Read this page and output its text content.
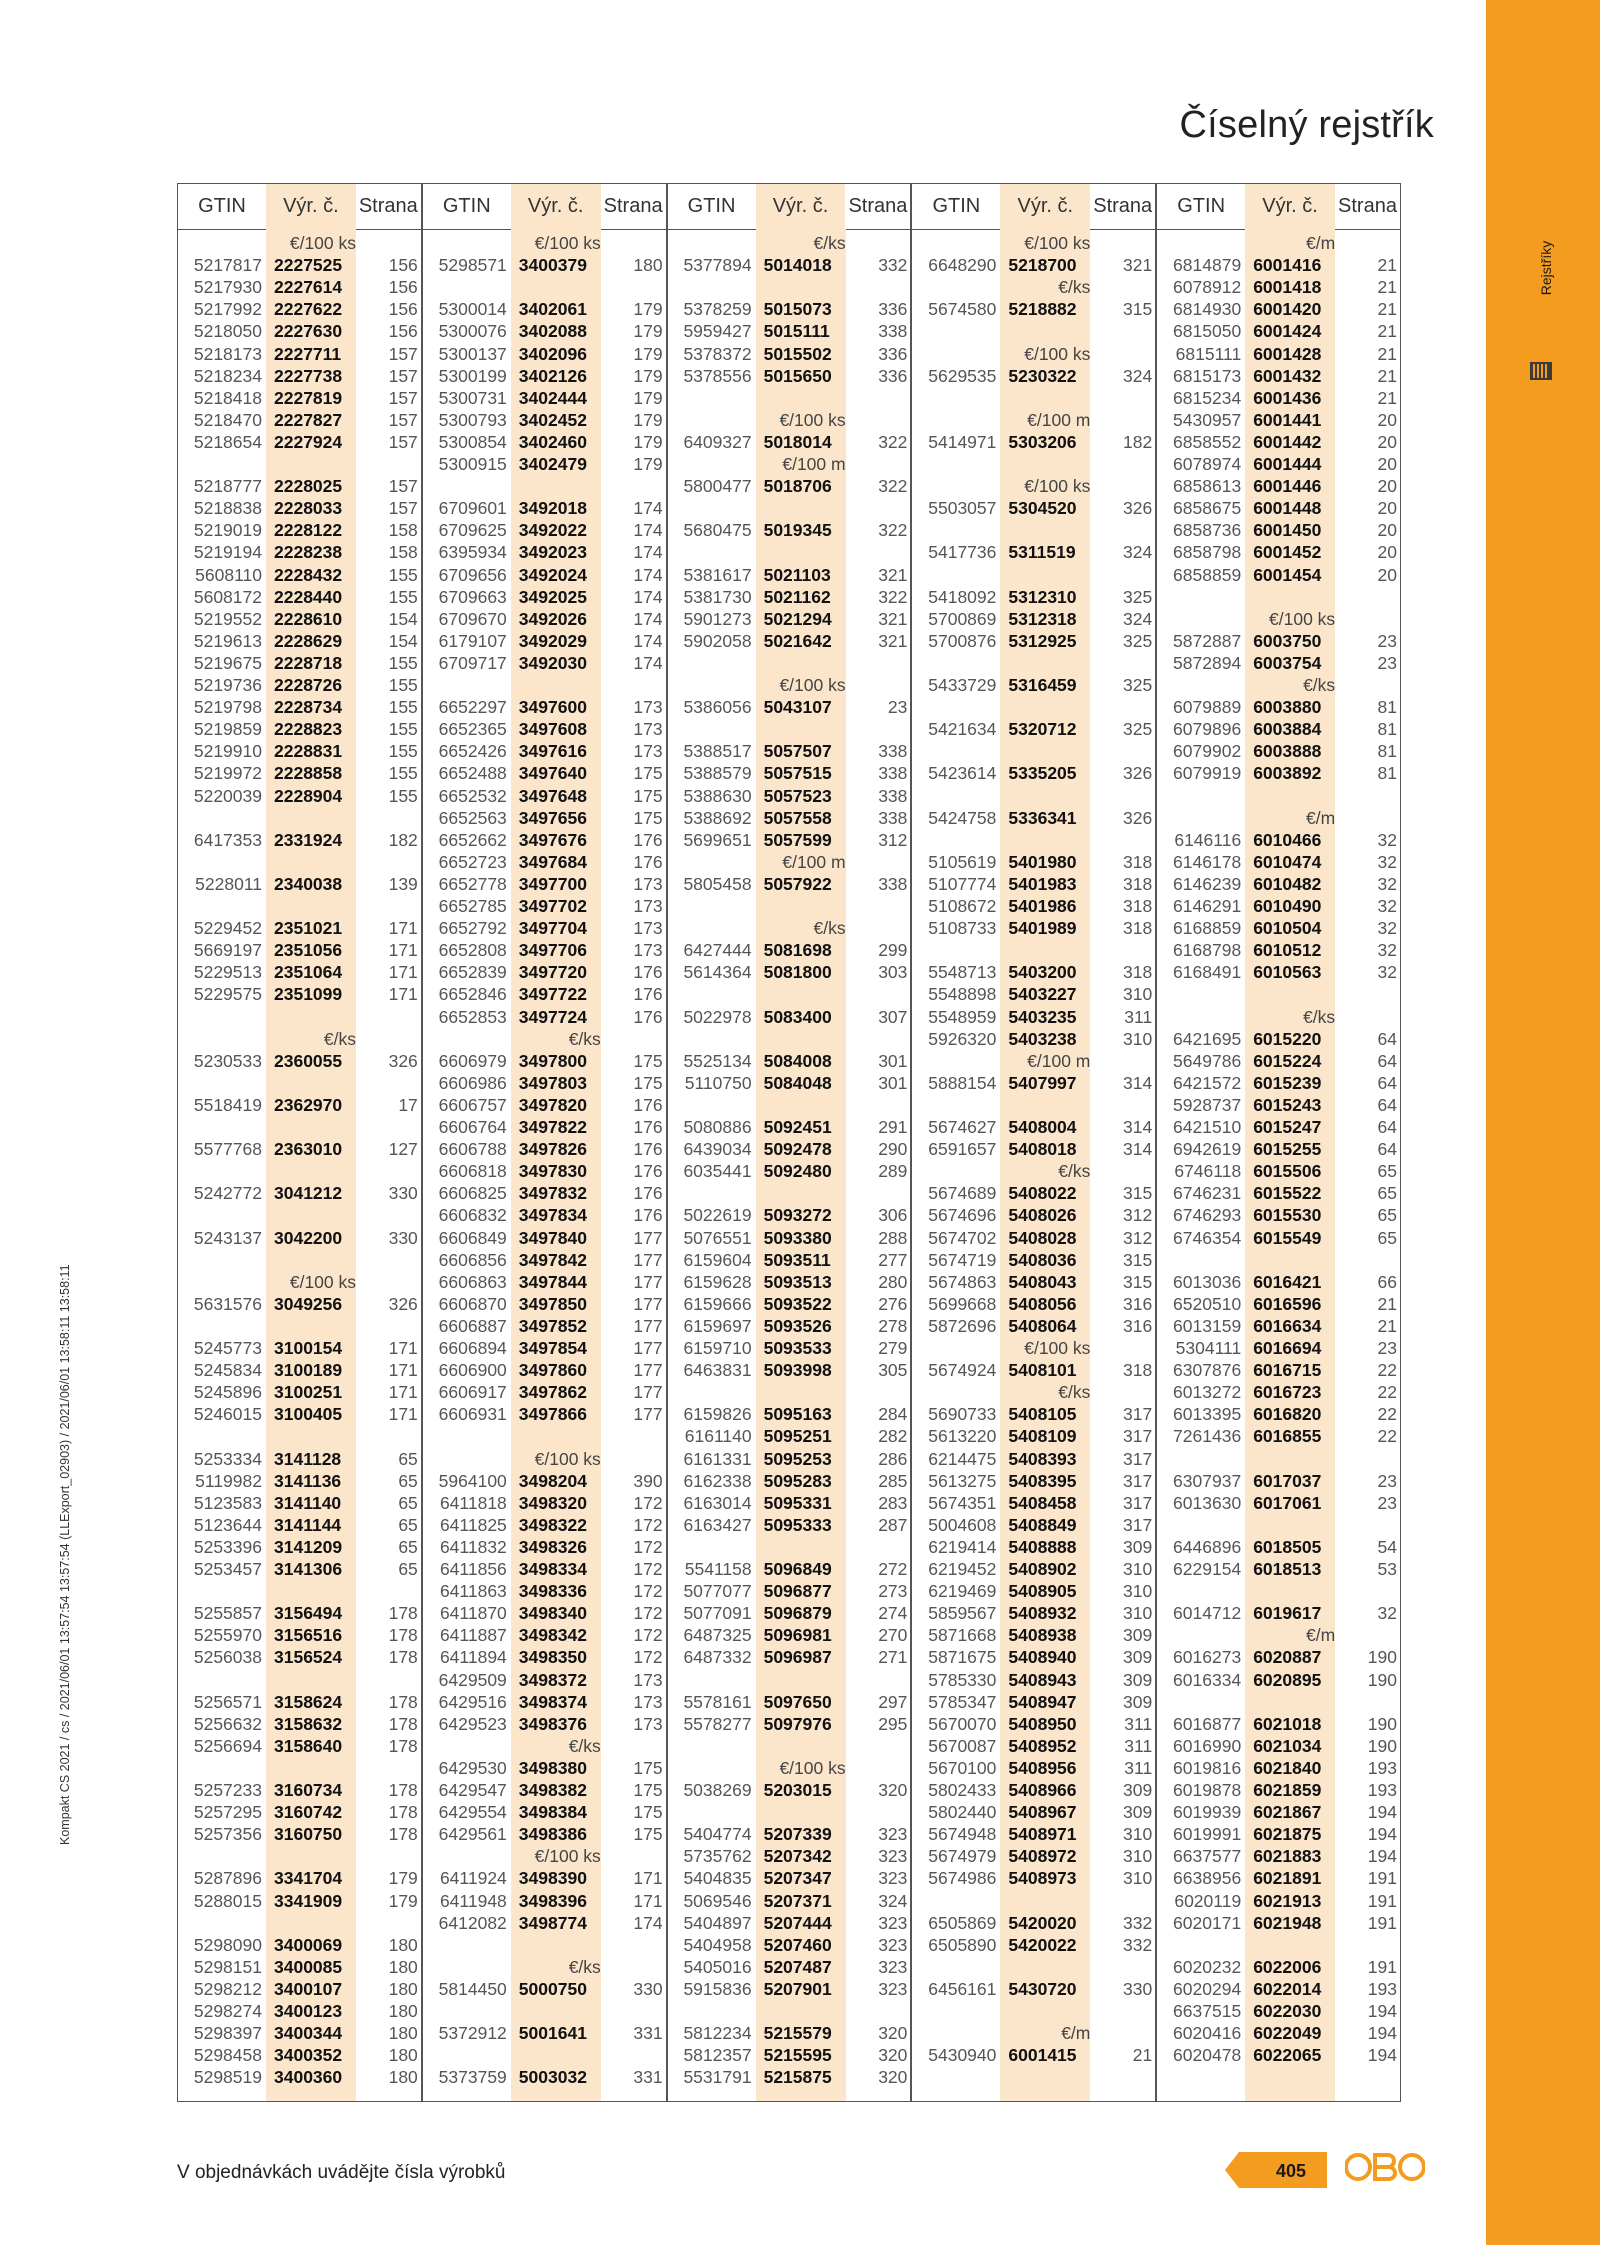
Rejstříky
Číselný rejstřík
GTIN	Výr. č.	Strana
€/100 ks
5217817 2227525	156
5217930 2227614	156
5217992 2227622	156
5218050 2227630	156
5218173 2227711	157
5218234 2227738	157
5218418 2227819	157
5218470 2227827	157
5218654 2227924	157
5218777 2228025	157
5218838 2228033	157
5219019 2228122	158
5219194 2228238	158
5608110 2228432	155
5608172 2228440	155
5219552 2228610	154
5219613 2228629	154
5219675 2228718	155
5219736 2228726	155
5219798 2228734	155
5219859 2228823	155
5219910 2228831	155
5219972 2228858	155
5220039 2228904	155
6417353 2331924	182
5228011 2340038	139
5229452 2351021	171
5669197 2351056	171
5229513 2351064	171
5229575 2351099	171
€/ks
5230533 2360055	326
5518419 2362970	17
5577768 2363010	127
5242772 3041212	330
5243137 3042200	330
€/100 ks
5631576 3049256	326
5245773 3100154	171
5245834 3100189	171
5245896 3100251	171
5246015 3100405	171
5253334 3141128	65
5119982 3141136	65
5123583 3141140	65
5123644 3141144	65
5253396 3141209	65
5253457 3141306	65
5255857 3156494	178
5255970 3156516	178
5256038 3156524	178
5256571 3158624	178
5256632 3158632	178
5256694 3158640	178
5257233 3160734	178
5257295 3160742	178
5257356 3160750	178
5287896 3341704	179
5288015 3341909	179
5298090 3400069	180
5298151 3400085	180
5298212 3400107	180
5298274 3400123	180
5298397 3400344	180
5298458 3400352	180
5298519 3400360	180
GTIN	Výr. č.	Strana
€/100 ks
5298571 3400379	180
5300014 3402061	179
5300076 3402088	179
5300137 3402096	179
5300199 3402126	179
5300731 3402444	179
5300793 3402452	179
5300854 3402460	179
5300915 3402479	179
6709601 3492018	174
6709625 3492022	174
6395934 3492023	174
6709656 3492024	174
6709663 3492025	174
6709670 3492026	174
6179107 3492029	174
6709717 3492030	174
6652297 3497600	173
6652365 3497608	173
6652426 3497616	173
6652488 3497640	175
6652532 3497648	175
6652563 3497656	175
6652662 3497676	176
6652723 3497684	176
6652778 3497700	173
6652785 3497702	173
6652792 3497704	173
6652808 3497706	173
6652839 3497720	176
6652846 3497722	176
6652853 3497724	176
€/ks
6606979 3497800	175
6606986 3497803	175
6606757 3497820	176
6606764 3497822	176
6606788 3497826	176
6606818 3497830	176
6606825 3497832	176
6606832 3497834	176
6606849 3497840	177
6606856 3497842	177
6606863 3497844	177
6606870 3497850	177
6606887 3497852	177
6606894 3497854	177
6606900 3497860	177
6606917 3497862	177
6606931 3497866	177
€/100 ks
5964100 3498204	390
6411818 3498320	172
6411825 3498322	172
6411832 3498326	172
6411856 3498334	172
6411863 3498336	172
6411870 3498340	172
6411887 3498342	172
6411894 3498350	172
6429509 3498372	173
6429516 3498374	173
6429523 3498376	173
€/ks
6429530 3498380	175
6429547 3498382	175
6429554 3498384	175
6429561 3498386	175
€/100 ks
6411924 3498390	171
6411948 3498396	171
6412082 3498774	174
€/ks
5814450 5000750	330
5372912 5001641	331
5373759 5003032	331
GTIN	Výr. č.	Strana
€/ks
5377894 5014018	332
5378259 5015073	336
5959427 5015111	338
5378372 5015502	336
5378556 5015650	336
€/100 ks
6409327 5018014	322
€/100 m
5800477 5018706	322
5680475 5019345	322
5381617 5021103	321
5381730 5021162	322
5901273 5021294	321
5902058 5021642	321
€/100 ks
5386056 5043107	23
5388517 5057507	338
5388579 5057515	338
5388630 5057523	338
5388692 5057558	338
5699651 5057599	312
€/100 m
5805458 5057922	338
€/ks
6427444 5081698	299
5614364 5081800	303
5022978 5083400	307
5525134 5084008	301
5110750 5084048	301
5080886 5092451	291
6439034 5092478	290
6035441 5092480	289
5022619 5093272	306
5076551 5093380	288
6159604 5093511	277
6159628 5093513	280
6159666 5093522	276
6159697 5093526	278
6159710 5093533	279
6463831 5093998	305
6159826 5095163	284
6161140 5095251	282
6161331 5095253	286
6162338 5095283	285
6163014 5095331	283
6163427 5095333	287
5541158 5096849	272
5077077 5096877	273
5077091 5096879	274
6487325 5096981	270
6487332 5096987	271
5578161 5097650	297
5578277 5097976	295
€/100 ks
5038269 5203015	320
5404774 5207339	323
5735762 5207342	323
5404835 5207347	323
5069546 5207371	324
5404897 5207444	323
5404958 5207460	323
5405016 5207487	323
5915836 5207901	323
5812234 5215579	320
5812357 5215595	320
5531791 5215875	320
GTIN	Výr. č.	Strana
€/100 ks
6648290 5218700	321
€/ks
5674580 5218882	315
€/100 ks
5629535 5230322	324
€/100 m
5414971 5303206	182
€/100 ks
5503057 5304520	326
5417736 5311519	324
5418092 5312310	325
5700869 5312318	324
5700876 5312925	325
5433729 5316459	325
5421634 5320712	325
5423614 5335205	326
5424758 5336341	326
5105619 5401980	318
5107774 5401983	318
5108672 5401986	318
5108733 5401989	318
5548713 5403200	318
5548898 5403227	310
5548959 5403235	311
5926320 5403238	310
€/100 m
5888154 5407997	314
5674627 5408004	314
6591657 5408018	314
€/ks
5674689 5408022	315
5674696 5408026	312
5674702 5408028	312
5674719 5408036	315
5674863 5408043	315
5699668 5408056	316
5872696 5408064	316
€/100 ks
5674924 5408101	318
€/ks
5690733 5408105	317
5613220 5408109	317
6214475 5408393	317
5613275 5408395	317
5674351 5408458	317
5004608 5408849	317
6219414 5408888	309
6219452 5408902	310
6219469 5408905	310
5859567 5408932	310
5871668 5408938	309
5871675 5408940	309
5785330 5408943	309
5785347 5408947	309
5670070 5408950	311
5670087 5408952	311
5670100 5408956	311
5802433 5408966	309
5802440 5408967	309
5674948 5408971	310
5674979 5408972	310
5674986 5408973	310
6505869 5420020	332
6505890 5420022	332
6456161 5430720	330
€/m
5430940 6001415	21
GTIN	Výr. č.	Strana
€/m
6814879 6001416	21
6078912 6001418	21
6814930 6001420	21
6815050 6001424	21
6815111 6001428	21
6815173 6001432	21
6815234 6001436	21
5430957 6001441	20
6858552 6001442	20
6078974 6001444	20
6858613 6001446	20
6858675 6001448	20
6858736 6001450	20
6858798 6001452	20
6858859 6001454	20
€/100 ks
5872887 6003750	23
5872894 6003754	23
€/ks
6079889 6003880	81
6079896 6003884	81
6079902 6003888	81
6079919 6003892	81
€/m
6146116 6010466	32
6146178 6010474	32
6146239 6010482	32
6146291 6010490	32
6168859 6010504	32
6168798 6010512	32
6168491 6010563	32
€/ks
6421695 6015220	64
5649786 6015224	64
6421572 6015239	64
5928737 6015243	64
6421510 6015247	64
6942619 6015255	64
6746118 6015506	65
6746231 6015522	65
6746293 6015530	65
6746354 6015549	65
6013036 6016421	66
6520510 6016596	21
6013159 6016634	21
5304111 6016694	23
6307876 6016715	22
6013272 6016723	22
6013395 6016820	22
7261436 6016855	22
6307937 6017037	23
6013630 6017061	23
6446896 6018505	54
6229154 6018513	53
6014712 6019617	32
€/m
6016273 6020887	190
6016334 6020895	190
6016877 6021018	190
6016990 6021034	190
6019816 6021840	193
6019878 6021859	193
6019939 6021867	194
6019991 6021875	194
6637577 6021883	194
6638956 6021891	191
6020119 6021913	191
6020171 6021948	191
6020232 6022006	191
6020294 6022014	193
6637515 6022030	194
6020416 6022049	194
6020478 6022065	194
Kompakt CS 2021 / cs / 2021/06/01 13:57:54 13:57:54 (LLExport_02903) / 2021/06/01 13:58:11 13:58:11
V objednávkách uvádějte čísla výrobků	405
